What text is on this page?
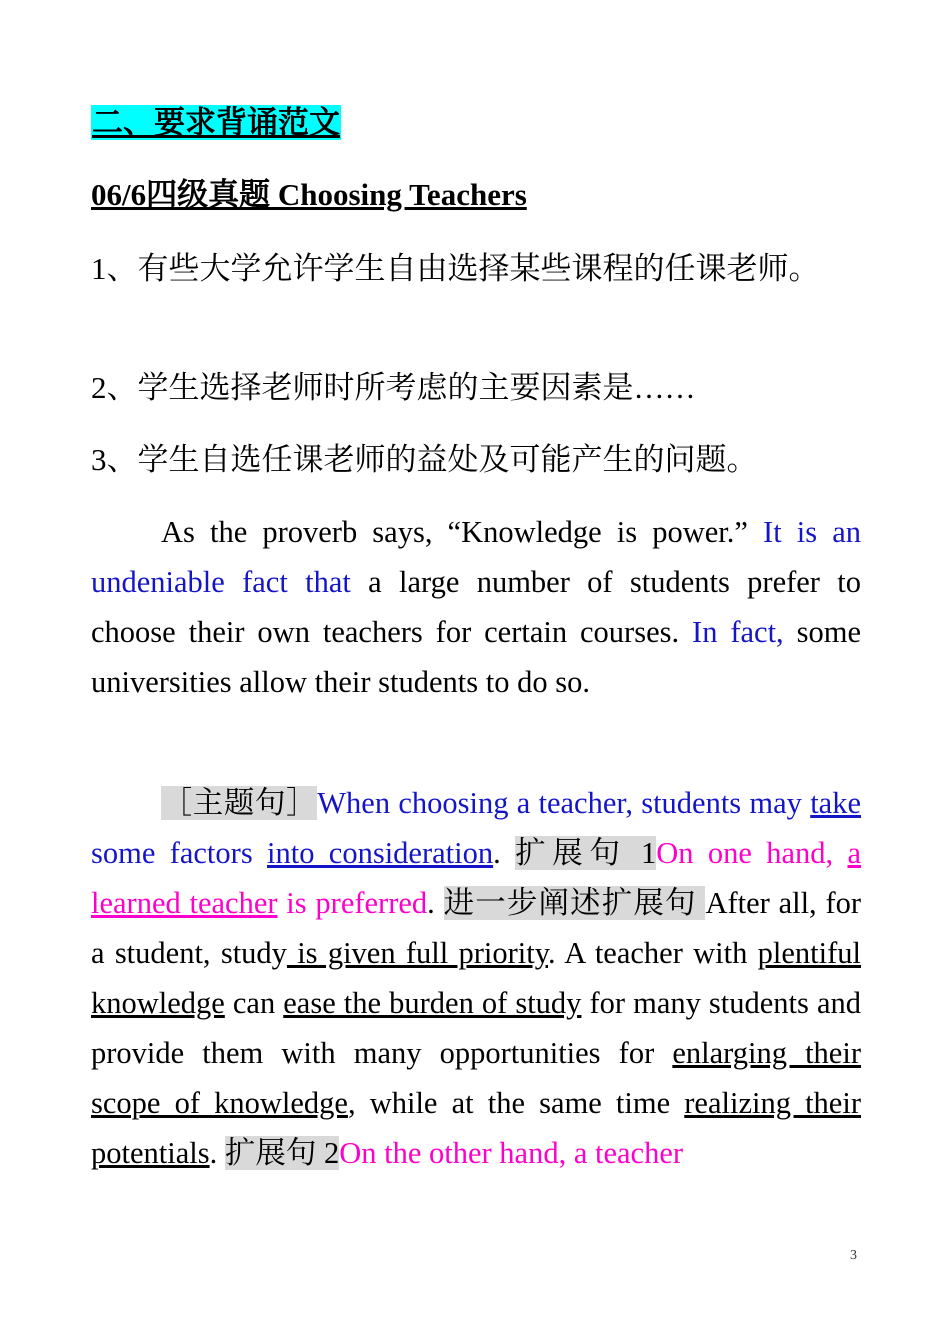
二、要求背诵范文
06/6四级真题 Choosing Teachers
1、有些大学允许学生自由选择某些课程的任课老师。
2、学生选择老师时所考虑的主要因素是……
3、学生自选任课老师的益处及可能产生的问题。
As the proverb says, “Knowledge is power.” It is an undeniable fact that a large number of students prefer to choose their own teachers for certain courses. In fact, some universities allow their students to do so.
［主题句］When choosing a teacher, students may take some factors into consideration. 扩展句 1On one hand, a learned teacher is preferred. 进一步阐述扩展句 After all, for a student, study is given full priority. A teacher with plentiful knowledge can ease the burden of study for many students and provide them with many opportunities for enlarging their scope of knowledge, while at the same time realizing their potentials. 扩展句 2On the other hand, a teacher
3
